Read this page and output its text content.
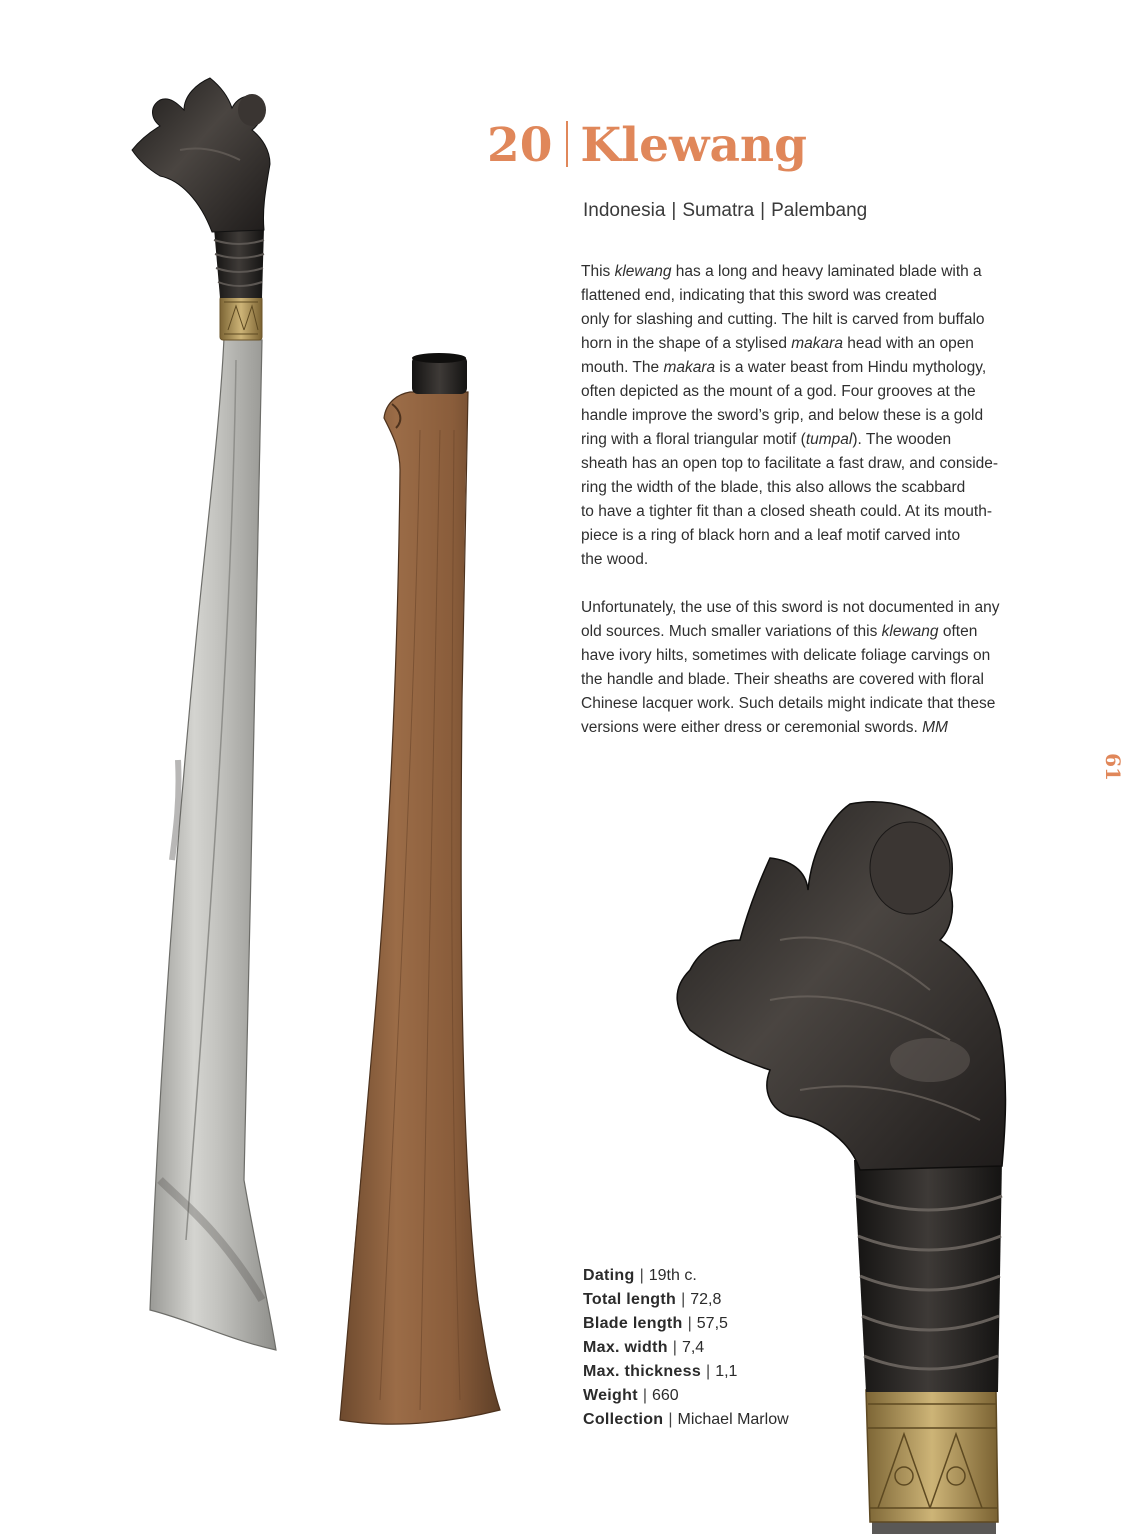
20 Klewang
Indonesia | Sumatra | Palembang
This klewang has a long and heavy laminated blade with a
flattened end, indicating that this sword was created
only for slashing and cutting. The hilt is carved from buffalo
horn in the shape of a stylised makara head with an open
mouth. The makara is a water beast from Hindu mythology,
often depicted as the mount of a god. Four grooves at the
handle improve the sword’s grip, and below these is a gold
ring with a floral triangular motif (tumpal). The wooden
sheath has an open top to facilitate a fast draw, and conside-
ring the width of the blade, this also allows the scabbard
to have a tighter fit than a closed sheath could. At its mouth-
piece is a ring of black horn and a leaf motif carved into
the wood.
Unfortunately, the use of this sword is not documented in any
old sources. Much smaller variations of this klewang often
have ivory hilts, sometimes with delicate foliage carvings on
the handle and blade. Their sheaths are covered with floral
Chinese lacquer work. Such details might indicate that these
versions were either dress or ceremonial swords. MM
Dating | 19th c.
Total length | 72,8
Blade length | 57,5
Max. width | 7,4
Max. thickness | 1,1
Weight | 660
Collection | Michael Marlow
61
